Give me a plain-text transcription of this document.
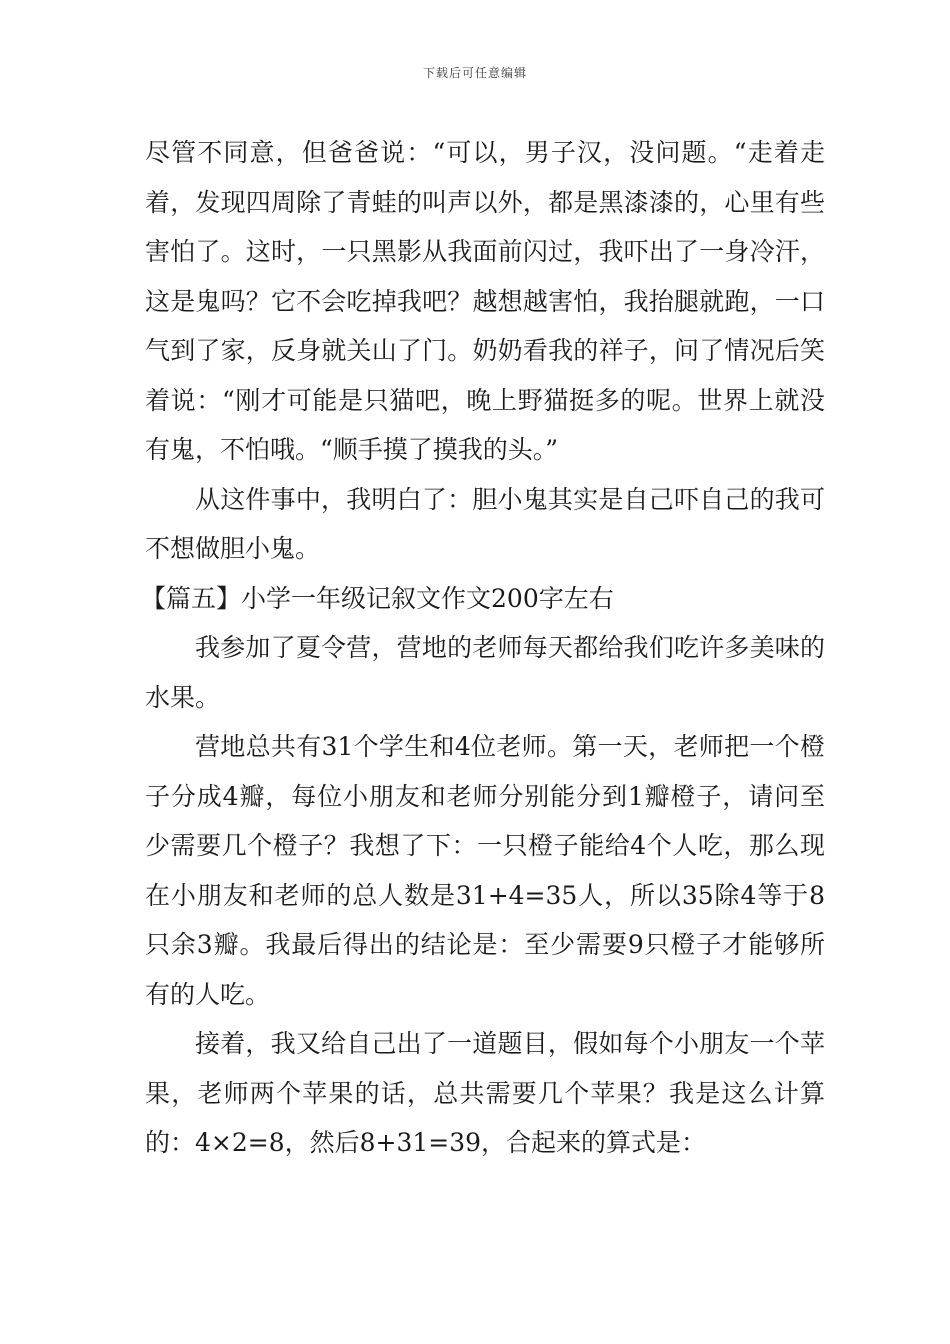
下载后可任意编辑

尽管不同意，但爸爸说：“可以，男子汉，没问题。“走着走着，发现四周除了青蛙的叫声以外，都是黑漆漆的，心里有些害怕了。这时，一只黑影从我面前闪过，我吓出了一身冷汗，这是鬼吗？它不会吃掉我吧？越想越害怕，我抬腿就跑，一口气到了家，反身就关山了门。奶奶看我的祥子，问了情况后笑着说：“刚才可能是只猫吧，晚上野猫挺多的呢。世界上就没有鬼，不怕哦。“顺手摸了摸我的头。”

从这件事中，我明白了：胆小鬼其实是自己吓自己的我可不想做胆小鬼。

【篇五】小学一年级记叙文作文200字左右

我参加了夏令营，营地的老师每天都给我们吃许多美味的水果。

营地总共有31个学生和4位老师。第一天，老师把一个橙子分成4瓣，每位小朋友和老师分别能分到1瓣橙子，请问至少需要几个橙子？我想了下：一只橙子能给4个人吃，那么现在小朋友和老师的总人数是31+4=35人，所以35除4等于8只余3瓣。我最后得出的结论是：至少需要9只橙子才能够所有的人吃。

接着，我又给自己出了一道题目，假如每个小朋友一个苹果，老师两个苹果的话，总共需要几个苹果？我是这么计算的：4×2=8，然后8+31=39，合起来的算式是：
